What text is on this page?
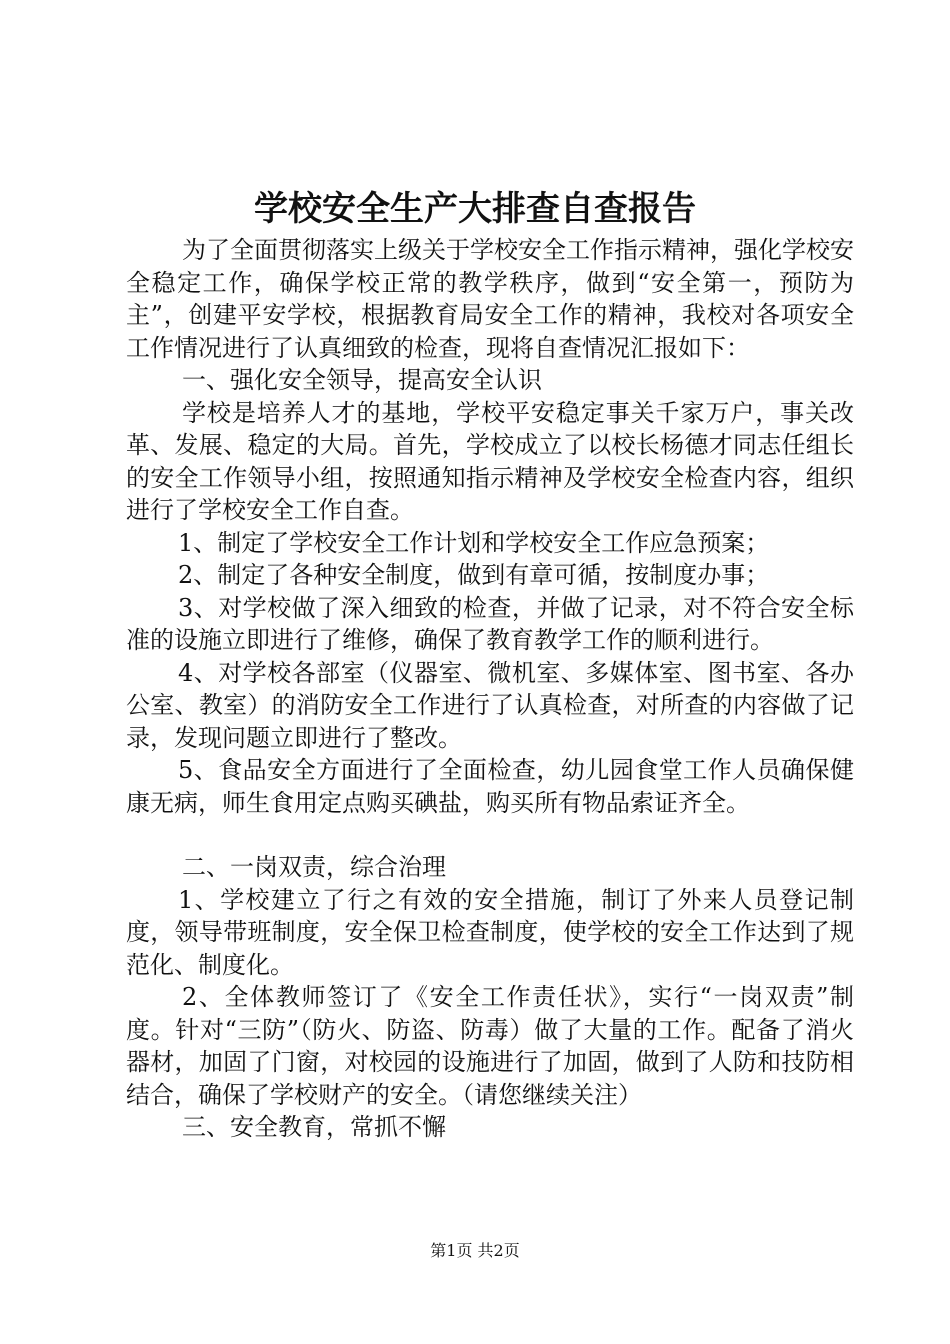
学校安全生产大排查自查报告

为了全面贯彻落实上级关于学校安全工作指示精神，强化学校安全稳定工作，确保学校正常的教学秩序，做到“安全第一，预防为主”，创建平安学校，根据教育局安全工作的精神，我校对各项安全工作情况进行了认真细致的检查，现将自查情况汇报如下：

一、强化安全领导，提高安全认识

学校是培养人才的基地，学校平安稳定事关千家万户，事关改革、发展、稳定的大局。首先，学校成立了以校长杨德才同志任组长的安全工作领导小组，按照通知指示精神及学校安全检查内容，组织进行了学校安全工作自查。

1、制定了学校安全工作计划和学校安全工作应急预案；

2、制定了各种安全制度，做到有章可循，按制度办事；

3、对学校做了深入细致的检查，并做了记录，对不符合安全标准的设施立即进行了维修，确保了教育教学工作的顺利进行。

4、对学校各部室（仪器室、微机室、多媒体室、图书室、各办公室、教室）的消防安全工作进行了认真检查，对所查的内容做了记录，发现问题立即进行了整改。

5、食品安全方面进行了全面检查，幼儿园食堂工作人员确保健康无病，师生食用定点购买碘盐，购买所有物品索证齐全。

二、一岗双责，综合治理

1、学校建立了行之有效的安全措施，制订了外来人员登记制度，领导带班制度，安全保卫检查制度，使学校的安全工作达到了规范化、制度化。

2、全体教师签订了《安全工作责任状》，实行“一岗双责”制度。针对“三防”（防火、防盗、防毒）做了大量的工作。配备了消火器材，加固了门窗，对校园的设施进行了加固，做到了人防和技防相结合，确保了学校财产的安全。（请您继续关注）

三、安全教育，常抓不懈

第1页 共2页
